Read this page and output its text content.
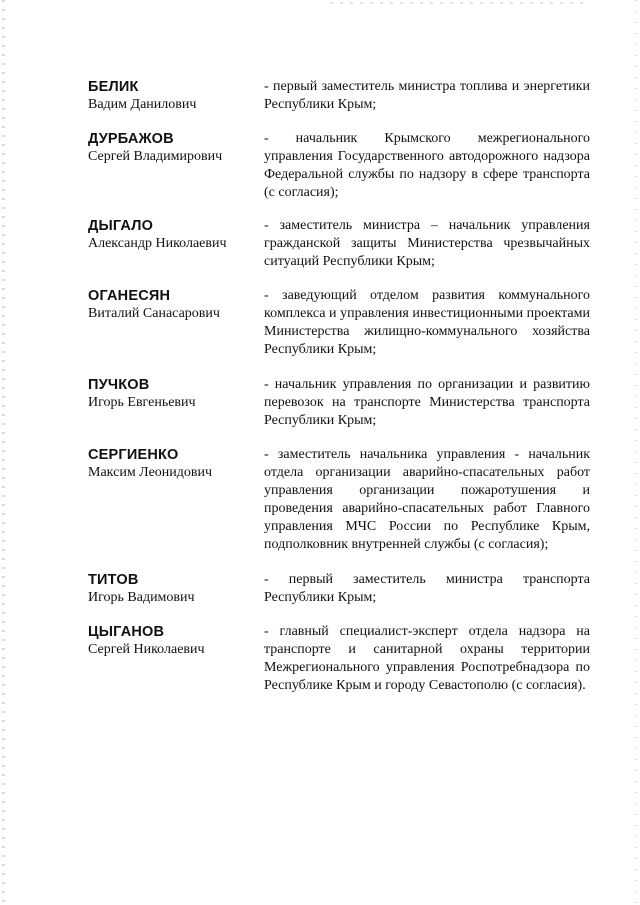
БЕЛИК
Вадим Данилович
- первый заместитель министра топлива и энергетики Республики Крым;
ДУРБАЖОВ
Сергей Владимирович
- начальник Крымского межрегионального управления Государственного автодорожного надзора Федеральной службы по надзору в сфере транспорта (с согласия);
ДЫГАЛО
Александр Николаевич
- заместитель министра – начальник управления гражданской защиты Министерства чрезвычайных ситуаций Республики Крым;
ОГАНЕСЯН
Виталий Санасарович
- заведующий отделом развития коммунального комплекса и управления инвестиционными проектами Министерства жилищно-коммунального хозяйства Республики Крым;
ПУЧКОВ
Игорь Евгеньевич
- начальник управления по организации и развитию перевозок на транспорте Министерства транспорта Республики Крым;
СЕРГИЕНКО
Максим Леонидович
- заместитель начальника управления - начальник отдела организации аварийно-спасательных работ управления организации пожаротушения и проведения аварийно-спасательных работ Главного управления МЧС России по Республике Крым, подполковник внутренней службы (с согласия);
ТИТОВ
Игорь Вадимович
- первый заместитель министра транспорта Республики Крым;
ЦЫГАНОВ
Сергей Николаевич
- главный специалист-эксперт отдела надзора на транспорте и санитарной охраны территории Межрегионального управления Роспотребнадзора по Республике Крым и городу Севастополю (с согласия).
